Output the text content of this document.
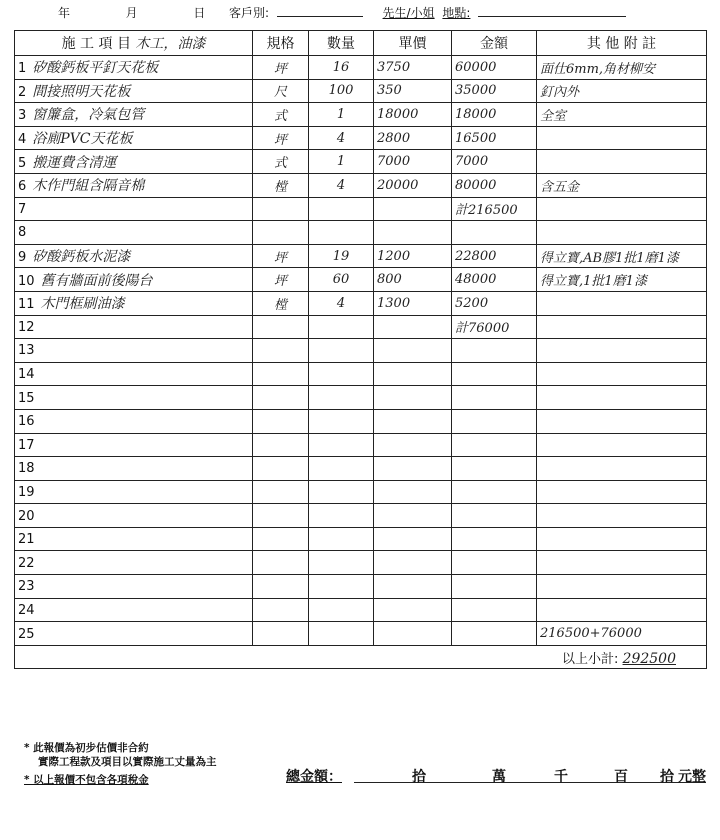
年	月	日 客戶別:	先生/小姐 地點:
施 工 項 目 木工，油漆	規格	數量	單價	金額	其 他 附 註
1 矽酸鈣板平釘天花板	坪	16	3750	60000	面仕6mm,角材柳安
2 間接照明天花板	尺	100	350	35000	釘內外
3 窗簾盒，冷氣包管	式	1	18000	18000	全室
4 浴廁PVC天花板	坪	4	2800	16500	
5 搬運費含清運	式	1	7000	7000	
6 木作門組含隔音棉	樘	4	20000	80000	含五金
7				計216500	
8					
9 矽酸鈣板水泥漆	坪	19	1200	22800	得立寶,AB膠1批1磨1漆
10 舊有牆面前後陽台	坪	60	800	48000	得立寶,1批1磨1漆
11 木門框刷油漆	樘	4	1300	5200	
12				計76000	
13					
14					
15					
16					
17					
18					
19					
20					
21					
22					
23					
24					
25					216500+76000
				以上小計: 292500	
* 此報價為初步估價非合約
實際工程款及項目以實際施工丈量為主
* 以上報價不包含各項稅金	總金額：	拾	萬	千	百 拾 元整
